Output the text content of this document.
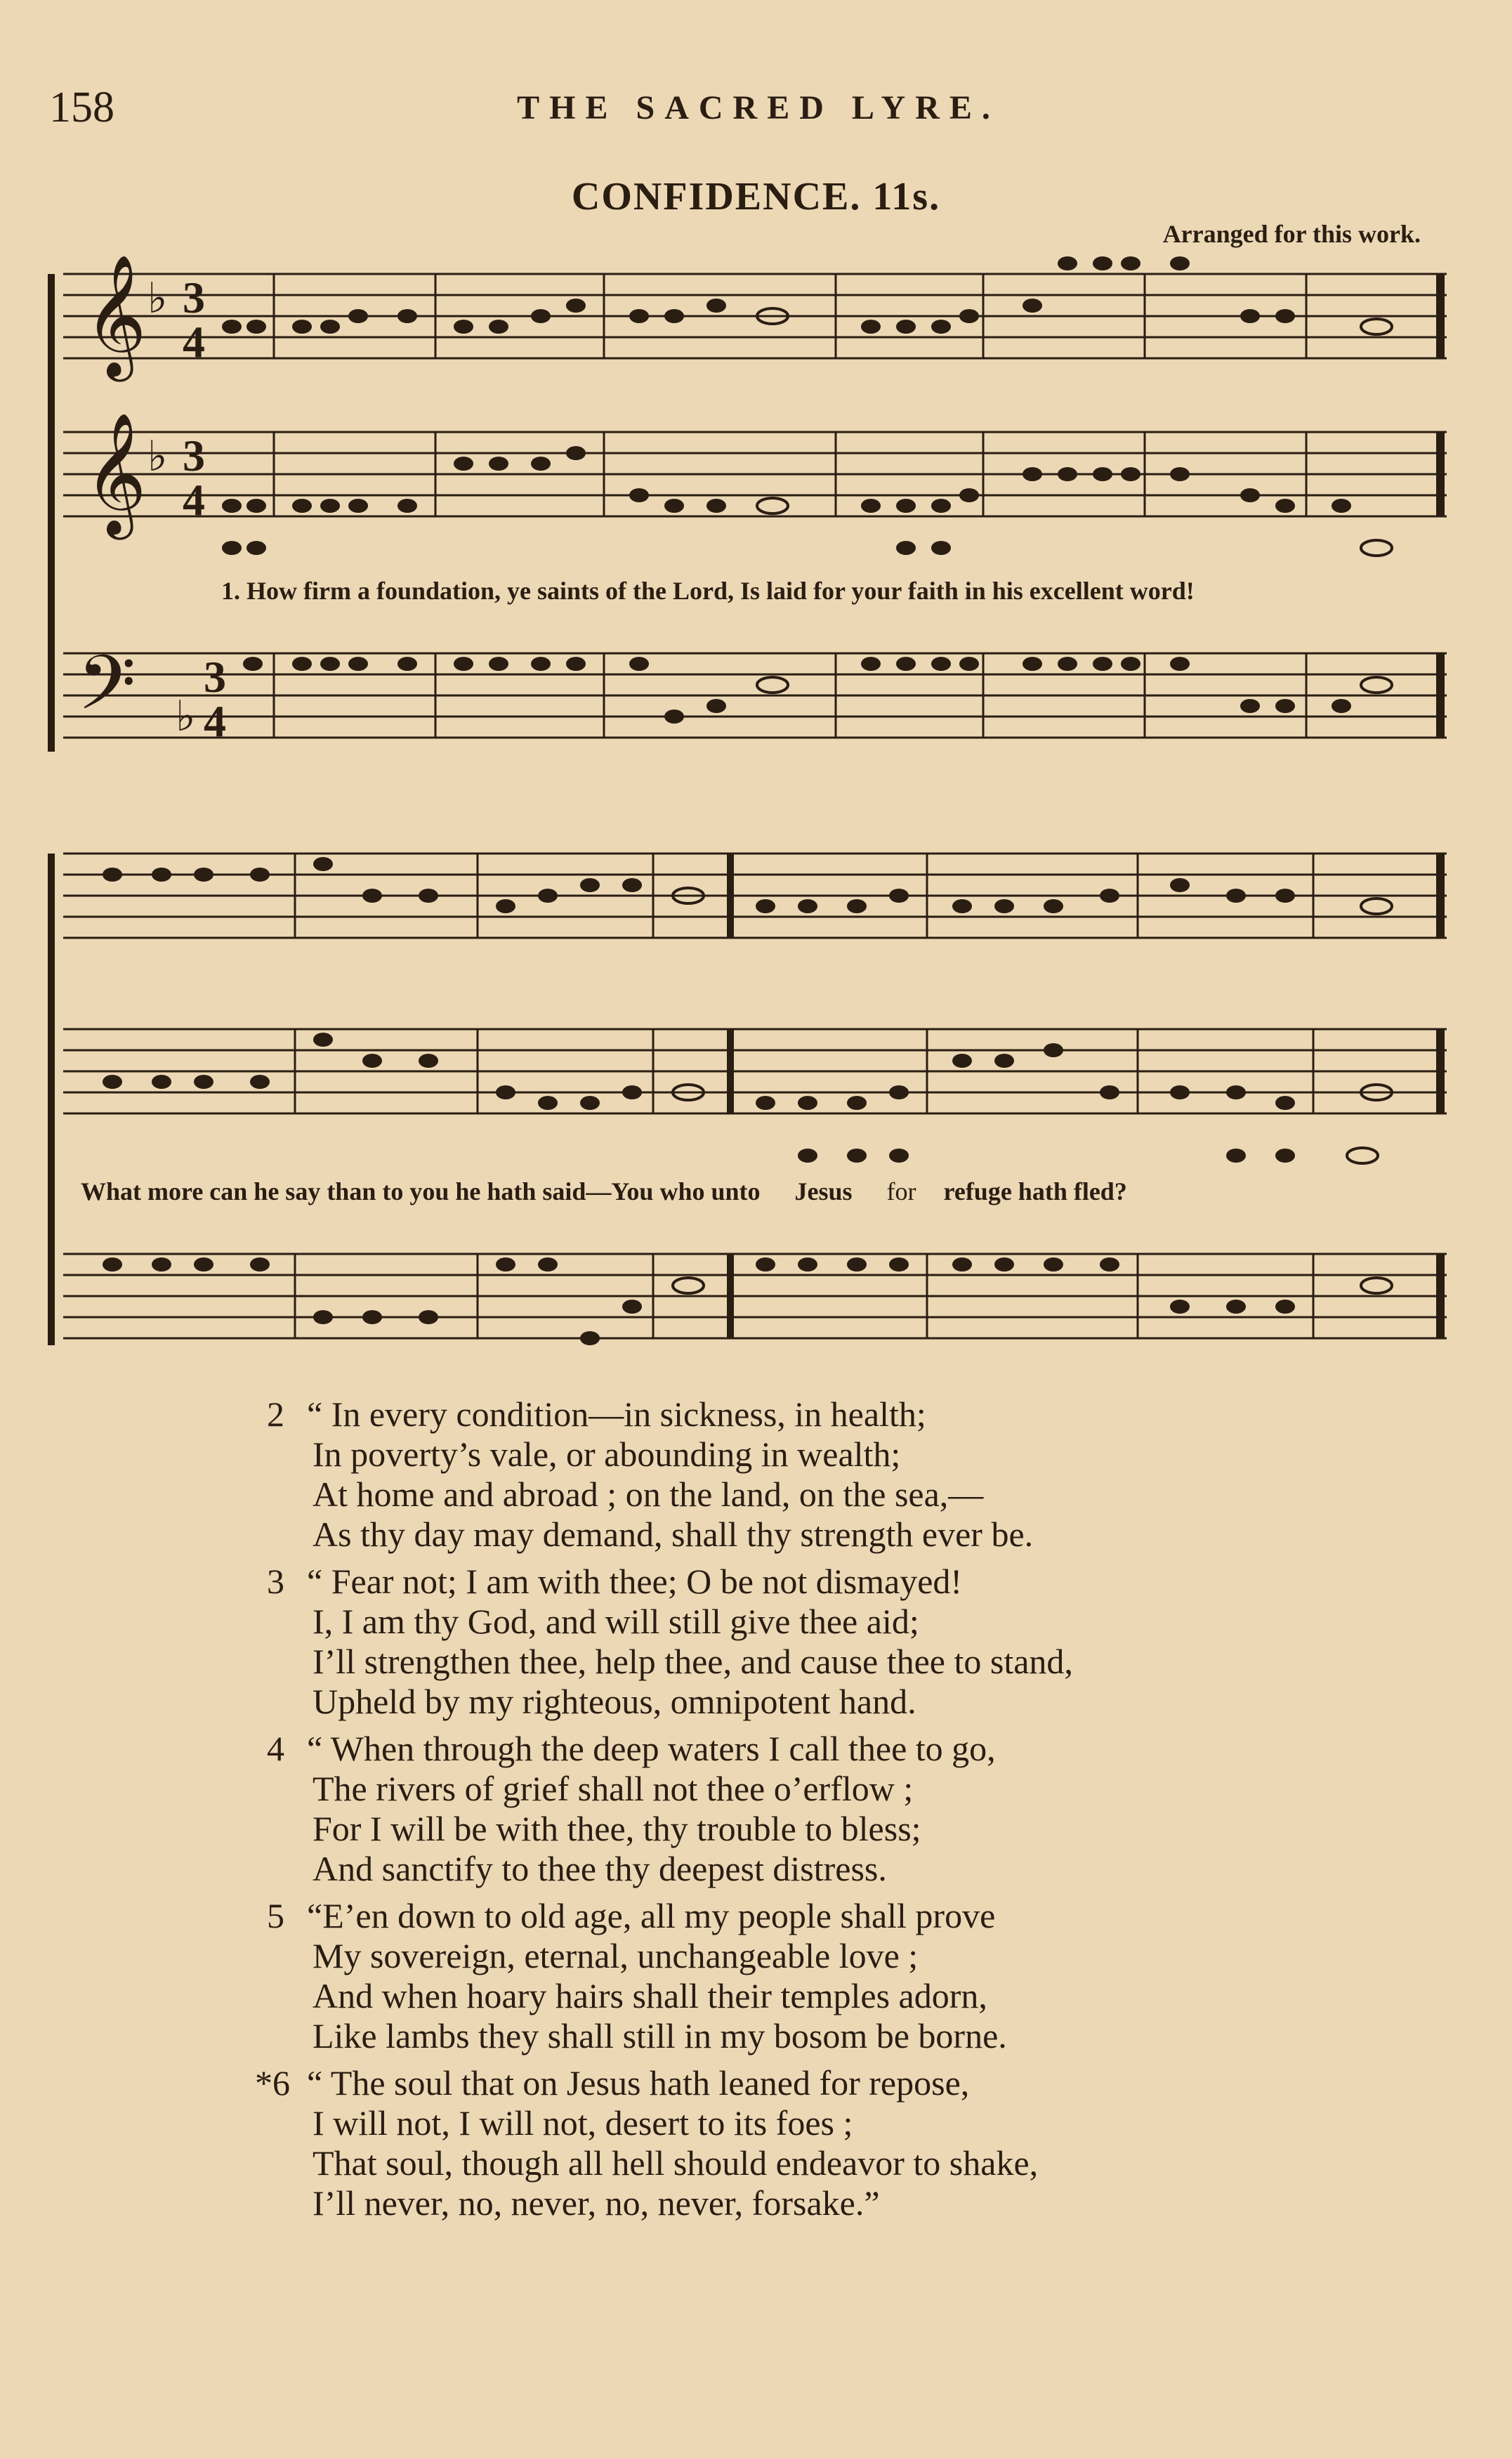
158	THE SACRED LYRE.
CONFIDENCE. 11s.
Arranged for this work.
𝄞 ♭ 3
4
𝄞 ♭ 3
4
𝄢 ♭
3
4
1. How firm a foundation, ye saints of the Lord, Is laid for your faith in his excellent word!
What more can he say than to you he hath said—You who unto Jesus for refuge hath fled?
2 “ In every condition—in sickness, in health;
In poverty’s vale, or abounding in wealth;
At home and abroad ; on the land, on the sea,—
As thy day may demand, shall thy strength ever be.
3 “ Fear not; I am with thee; O be not dismayed!
I, I am thy God, and will still give thee aid;
I’ll strengthen thee, help thee, and cause thee to stand,
Upheld by my righteous, omnipotent hand.
4 “ When through the deep waters I call thee to go,
The rivers of grief shall not thee o’erflow ;
For I will be with thee, thy trouble to bless;
And sanctify to thee thy deepest distress.
5 “E’en down to old age, all my people shall prove
My sovereign, eternal, unchangeable love ;
And when hoary hairs shall their temples adorn,
Like lambs they shall still in my bosom be borne.
*6 “ The soul that on Jesus hath leaned for repose,
I will not, I will not, desert to its foes ;
That soul, though all hell should endeavor to shake,
I’ll never, no, never, no, never, forsake.”
